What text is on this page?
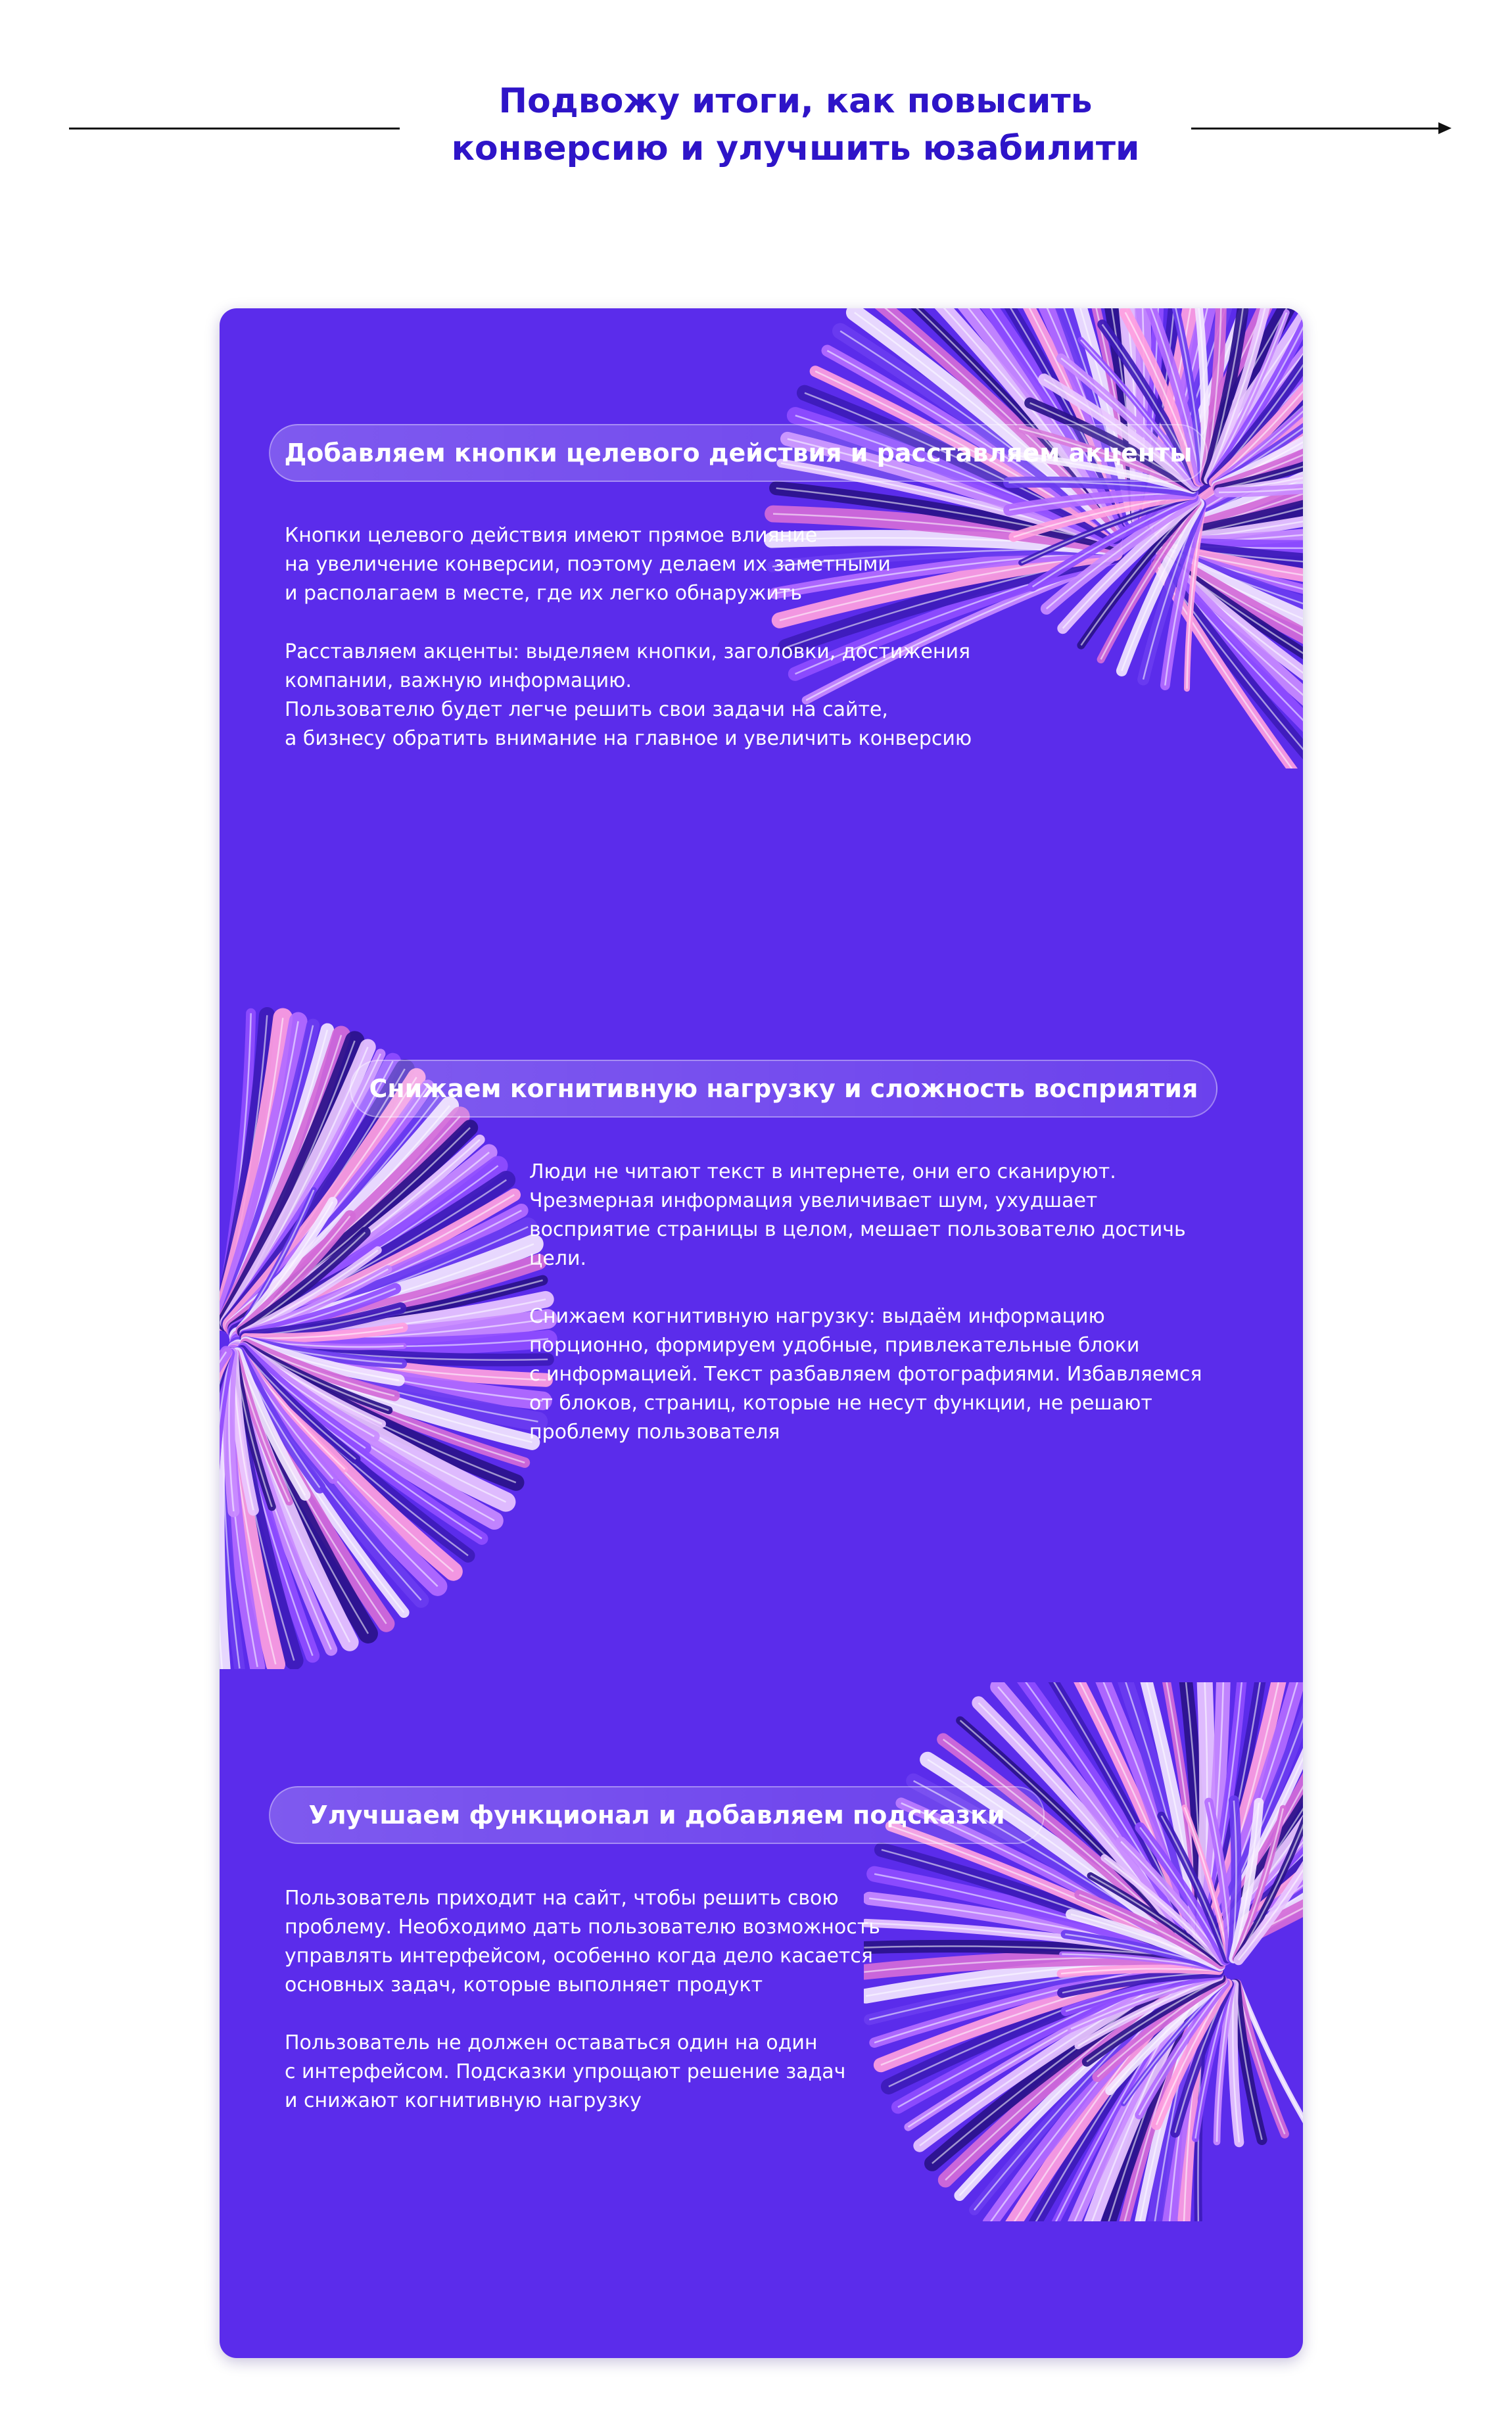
Подвожу итоги, как повысить
конверсию и улучшить юзабилити
Добавляем кнопки целевого действия и расставляем акценты

Кнопки целевого действия имеют прямое влияние
на увеличение конверсии, поэтому делаем их заметными
и располагаем в месте, где их легко обнаружить

Расставляем акценты: выделяем кнопки, заголовки, достижения
компании, важную информацию.
Пользователю будет легче решить свои задачи на сайте,
а бизнесу обратить внимание на главное и увеличить конверсию

Снижаем когнитивную нагрузку и сложность восприятия

Люди не читают текст в интернете, они его сканируют.
Чрезмерная информация увеличивает шум, ухудшает
восприятие страницы в целом, мешает пользователю достичь
цели.

Снижаем когнитивную нагрузку: выдаём информацию
порционно, формируем удобные, привлекательные блоки
с информацией. Текст разбавляем фотографиями. Избавляемся
от блоков, страниц, которые не несут функции, не решают
проблему пользователя

Улучшаем функционал и добавляем подсказки

Пользователь приходит на сайт, чтобы решить свою
проблему. Необходимо дать пользователю возможность
управлять интерфейсом, особенно когда дело касается
основных задач, которые выполняет продукт

Пользователь не должен оставаться один на один
с интерфейсом. Подсказки упрощают решение задач
и снижают когнитивную нагрузку
